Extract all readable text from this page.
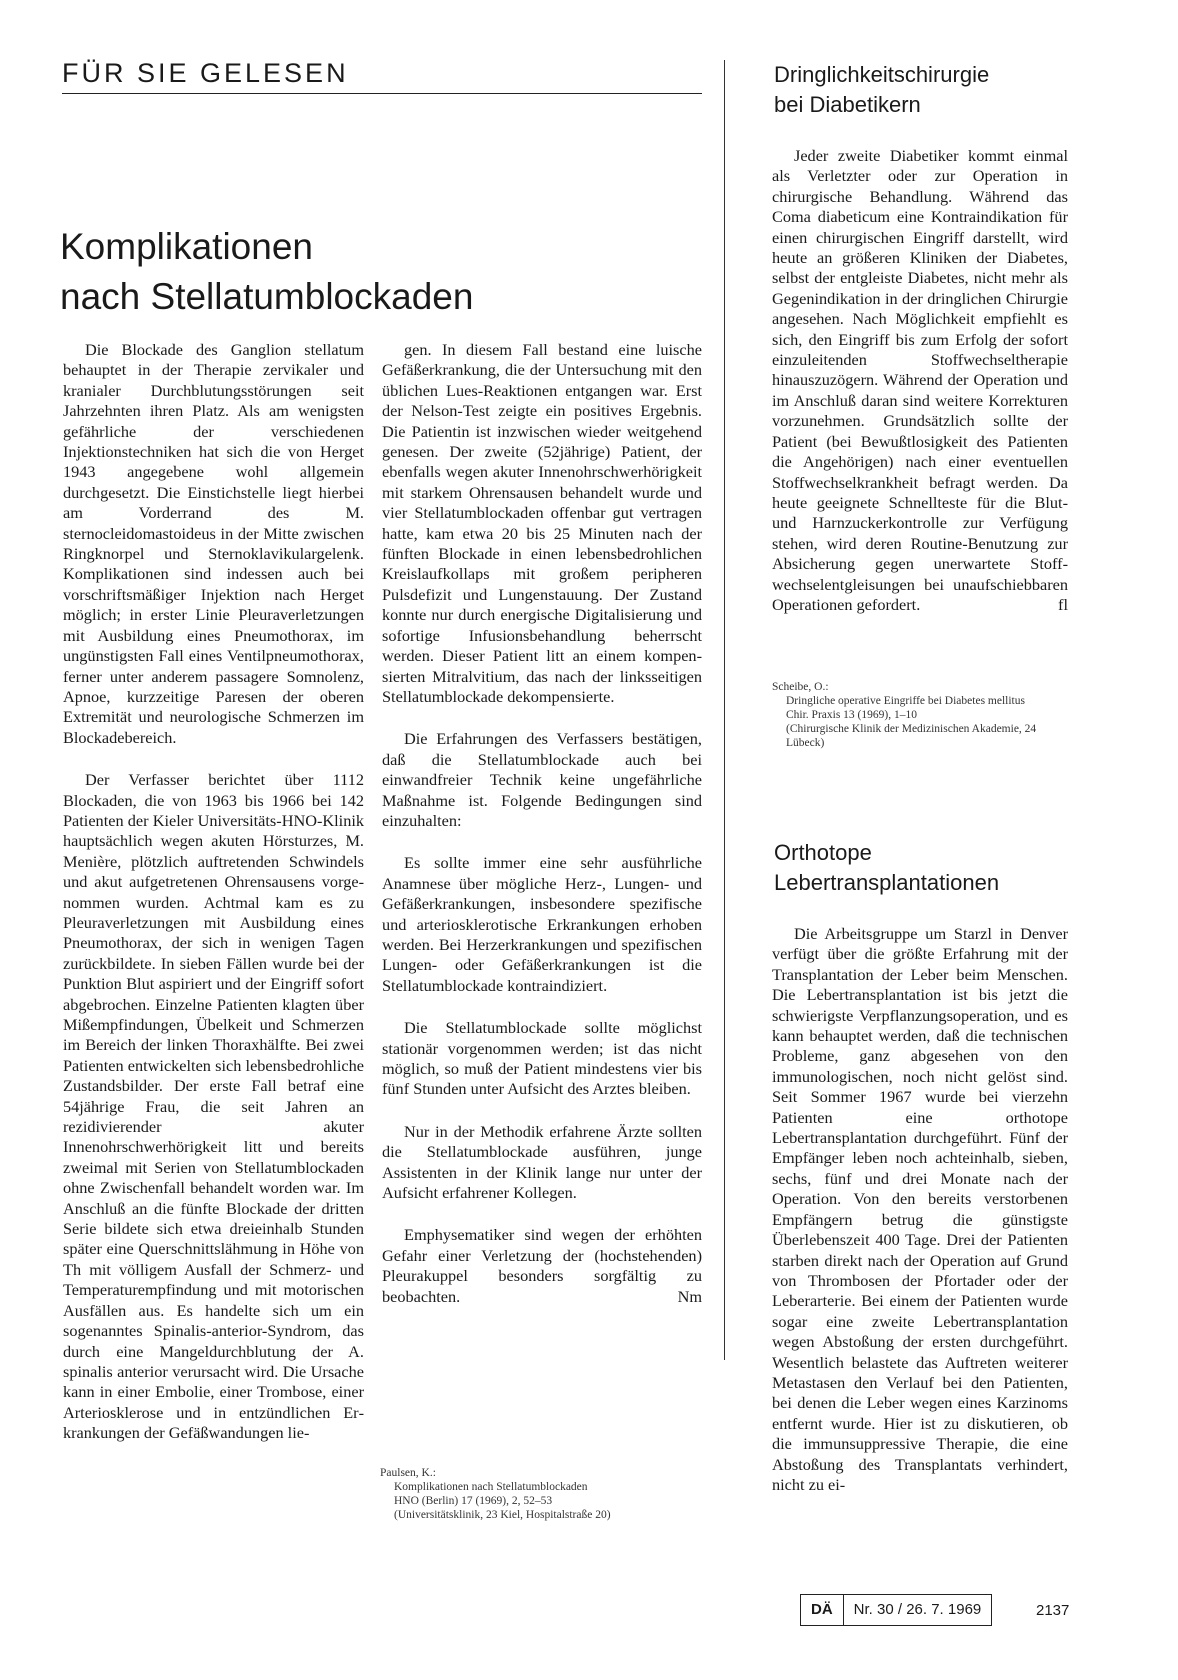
FÜR SIE GELESEN
Komplikationen
nach Stellatumblockaden

Die Blockade des Ganglion stellatum behauptet in der Therapie zervikaler und kranialer Durchblutungsstörungen seit Jahrzehnten ihren Platz. Als am wenigsten gefährliche der verschiedenen Injektionstechniken hat sich die von Herget 1943 angegebene wohl allgemein durchgesetzt. Die Einstichstelle liegt hierbei am Vorderrand des M. sternocleidomastoideus in der Mitte zwischen Ringknorpel und Sternoklavikulargelenk. Komplikationen sind indessen auch bei vorschriftsmäßiger Injektion nach Herget möglich; in erster Linie Pleuraverletzungen mit Ausbildung eines Pneumothorax, im ungünstigsten Fall eines Ventilpneumothorax, ferner unter anderem passagere Somnolenz, Apnoe, kurzzeitige Paresen der oberen Extremität und neurologische Schmerzen im Blockadebereich.

Der Verfasser berichtet über 1112 Blockaden, die von 1963 bis 1966 bei 142 Patienten der Kieler Universitäts-HNO-Klinik hauptsächlich wegen akuten Hörsturzes, M. Menière, plötzlich auftretenden Schwindels und akut aufgetretenen Ohrensausens vorgenommen wurden. Achtmal kam es zu Pleuraverletzungen mit Ausbildung eines Pneumothorax, der sich in wenigen Tagen zurückbildete. In sieben Fällen wurde bei der Punktion Blut aspiriert und der Eingriff sofort abgebrochen. Einzelne Patienten klagten über Mißempfindungen, Übelkeit und Schmerzen im Bereich der linken Thoraxhälfte. Bei zwei Patienten entwickelten sich lebensbedrohliche Zustandsbilder. Der erste Fall betraf eine 54jährige Frau, die seit Jahren an rezidivierender akuter Innenohrschwerhörigkeit litt und bereits zweimal mit Serien von Stellatumblockaden ohne Zwischenfall behandelt worden war. Im Anschluß an die fünfte Blockade der dritten Serie bildete sich etwa dreieinhalb Stunden später eine Querschnittslähmung in Höhe von Th mit völligem Ausfall der Schmerz- und Temperaturempfindung und mit motorischen Ausfällen aus. Es handelte sich um ein sogenanntes Spinalis-anterior-Syndrom, das durch eine Mangeldurchblutung der A. spinalis anterior verursacht wird. Die Ursache kann in einer Embolie, einer Trombose, einer Arteriosklerose und in entzündlichen Erkrankungen der Gefäßwandungen lie-

gen. In diesem Fall bestand eine luische Gefäßerkrankung, die der Untersuchung mit den üblichen Lues-Reaktionen entgangen war. Erst der Nelson-Test zeigte ein positives Ergebnis. Die Patientin ist inzwischen wieder weitgehend genesen. Der zweite (52jährige) Patient, der ebenfalls wegen akuter Innenohrschwerhörigkeit mit starkem Ohrensausen behandelt wurde und vier Stellatumblockaden offenbar gut vertragen hatte, kam etwa 20 bis 25 Minuten nach der fünften Blockade in einen lebensbedrohlichen Kreislaufkollaps mit großem peripheren Pulsdefizit und Lungenstauung. Der Zustand konnte nur durch energische Digitalisierung und sofortige Infusionsbehandlung beherrscht werden. Dieser Patient litt an einem kompensierten Mitralvitium, das nach der linksseitigen Stellatumblockade dekompensierte.

Die Erfahrungen des Verfassers bestätigen, daß die Stellatumblockade auch bei einwandfreier Technik keine ungefährliche Maßnahme ist. Folgende Bedingungen sind einzuhalten:

Es sollte immer eine sehr ausführliche Anamnese über mögliche Herz-, Lungen- und Gefäßerkrankungen, insbesondere spezifische und arteriosklerotische Erkrankungen erhoben werden. Bei Herzerkrankungen und spezifischen Lungen- oder Gefäßerkrankungen ist die Stellatumblockade kontraindiziert.

Die Stellatumblockade sollte möglichst stationär vorgenommen werden; ist das nicht möglich, so muß der Patient mindestens vier bis fünf Stunden unter Aufsicht des Arztes bleiben.

Nur in der Methodik erfahrene Ärzte sollten die Stellatumblockade ausführen, junge Assistenten in der Klinik lange nur unter der Aufsicht erfahrener Kollegen.

Emphysematiker sind wegen der erhöhten Gefahr einer Verletzung der (hochstehenden) Pleurakuppel besonders sorgfältig zu beobachten.	Nm

Paulsen, K.:
Komplikationen nach Stellatumblockaden
HNO (Berlin) 17 (1969), 2, 52–53
(Universitätsklinik, 23 Kiel, Hospitalstraße 20)
Dringlichkeitschirurgie
bei Diabetikern

Jeder zweite Diabetiker kommt einmal als Verletzter oder zur Operation in chirurgische Behandlung. Während das Coma diabeticum eine Kontraindikation für einen chirurgischen Eingriff darstellt, wird heute an größeren Kliniken der Diabetes, selbst der entgleiste Diabetes, nicht mehr als Gegenindikation in der dringlichen Chirurgie angesehen. Nach Möglichkeit empfiehlt es sich, den Eingriff bis zum Erfolg der sofort einzuleitenden Stoffwechseltherapie hinauszuzögern. Während der Operation und im Anschluß daran sind weitere Korrekturen vorzunehmen. Grundsätzlich sollte der Patient (bei Bewußtlosigkeit des Patienten die Angehörigen) nach einer eventuellen Stoffwechselkrankheit befragt werden. Da heute geeignete Schnellteste für die Blut- und Harnzuckerkontrolle zur Verfügung stehen, wird deren Routine-Benutzung zur Absicherung gegen unerwartete Stoffwechselentgleisungen bei unaufschiebbaren Operationen gefordert.	fl

Scheibe, O.:
Dringliche operative Eingriffe bei Diabetes mellitus
Chir. Praxis 13 (1969), 1–10
(Chirurgische Klinik der Medizinischen Akademie, 24 Lübeck)
Orthotope
Lebertransplantationen

Die Arbeitsgruppe um Starzl in Denver verfügt über die größte Erfahrung mit der Transplantation der Leber beim Menschen. Die Lebertransplantation ist bis jetzt die schwierigste Verpflanzungsoperation, und es kann behauptet werden, daß die technischen Probleme, ganz abgesehen von den immunologischen, noch nicht gelöst sind. Seit Sommer 1967 wurde bei vierzehn Patienten eine orthotope Lebertransplantation durchgeführt. Fünf der Empfänger leben noch achteinhalb, sieben, sechs, fünf und drei Monate nach der Operation. Von den bereits verstorbenen Empfängern betrug die günstigste Überlebenszeit 400 Tage. Drei der Patienten starben direkt nach der Operation auf Grund von Thrombosen der Pfortader oder der Leberarterie. Bei einem der Patienten wurde sogar eine zweite Lebertransplantation wegen Abstoßung der ersten durchgeführt. Wesentlich belastete das Auftreten weiterer Metastasen den Verlauf bei den Patienten, bei denen die Leber wegen eines Karzinoms entfernt wurde. Hier ist zu diskutieren, ob die immunsuppressive Therapie, die eine Abstoßung des Transplantats verhindert, nicht zu ei-

DÄ	Nr. 30 / 26. 7. 1969	2137
